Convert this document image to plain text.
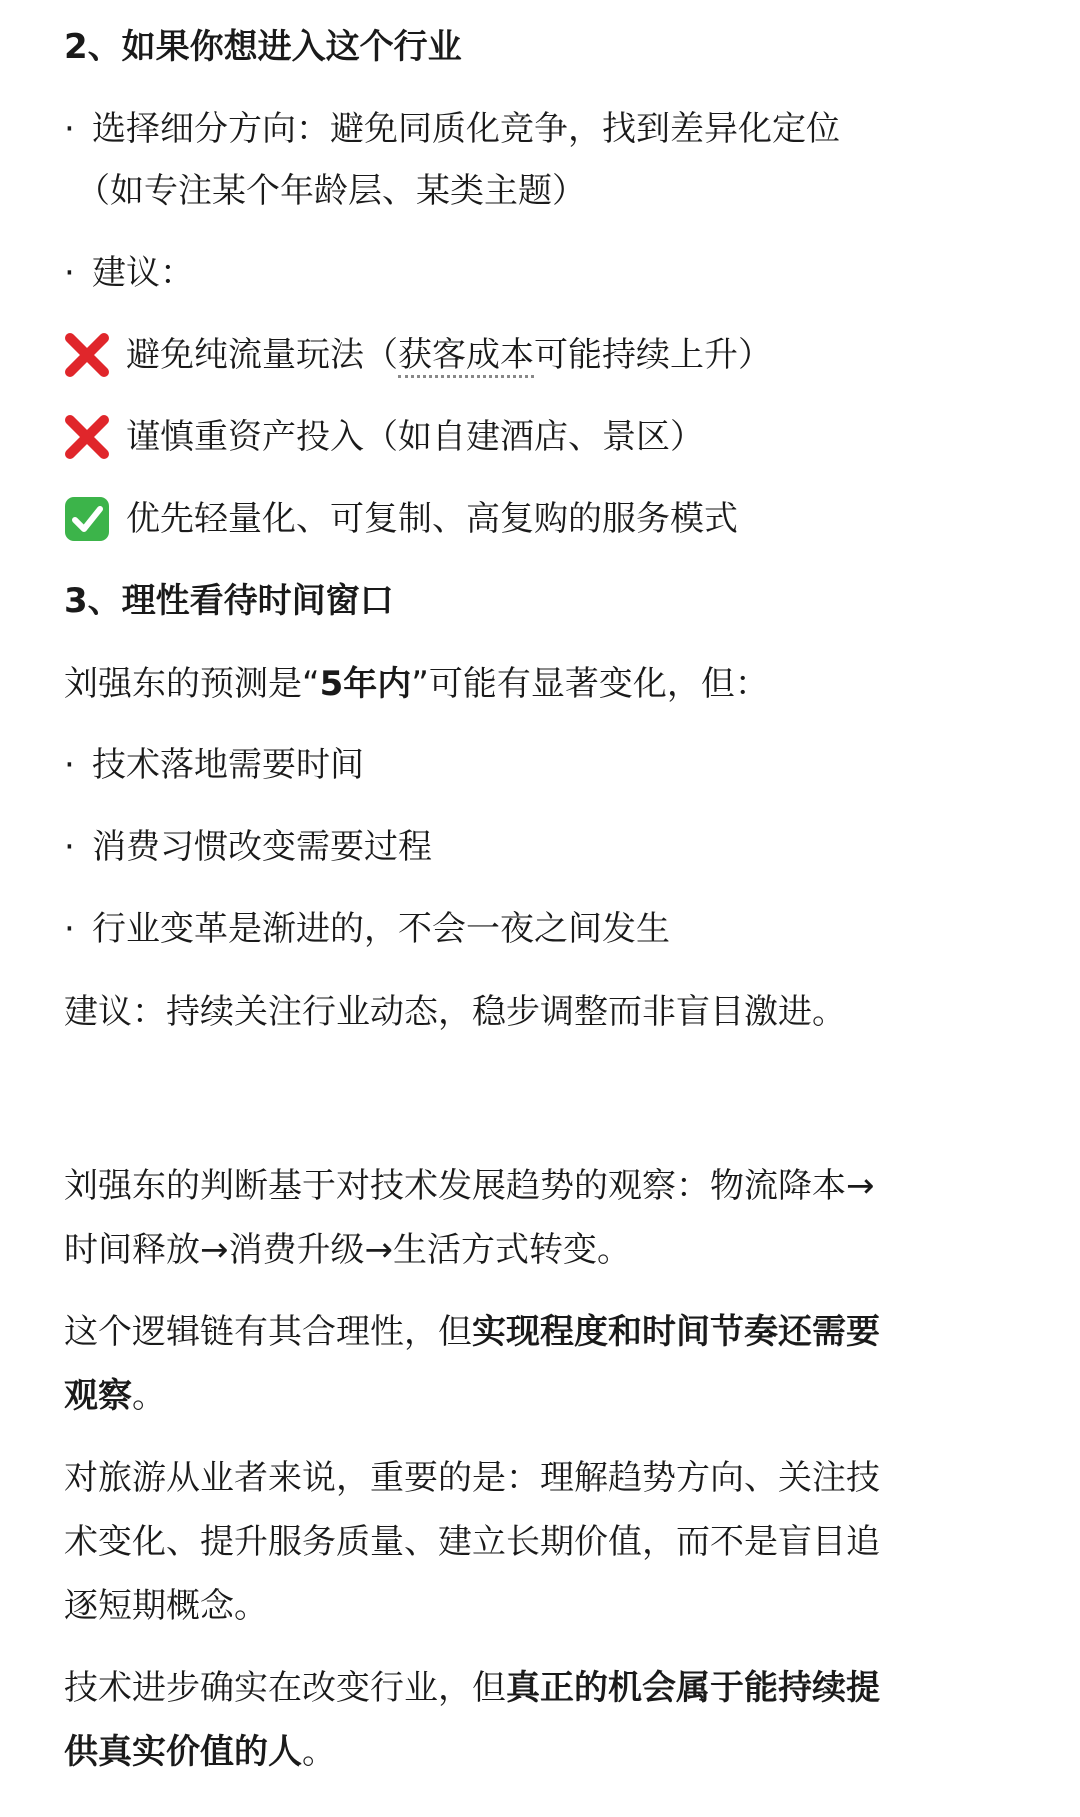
2、如果你想进入这个行业

· 选择细分方向：避免同质化竞争，找到差异化定位
（如专注某个年龄层、某类主题）
· 建议：
避免纯流量玩法（获客成本可能持续上升）
谨慎重资产投入（如自建酒店、景区）
优先轻量化、可复制、高复购的服务模式

3、理性看待时间窗口

刘强东的预测是“5年内”可能有显著变化，但：

· 技术落地需要时间
· 消费习惯改变需要过程
· 行业变革是渐进的，不会一夜之间发生

建议：持续关注行业动态，稳步调整而非盲目激进。

刘强东的判断基于对技术发展趋势的观察：物流降本→
时间释放→消费升级→生活方式转变。

这个逻辑链有其合理性，但实现程度和时间节奏还需要
观察。

对旅游从业者来说，重要的是：理解趋势方向、关注技
术变化、提升服务质量、建立长期价值，而不是盲目追
逐短期概念。

技术进步确实在改变行业，但真正的机会属于能持续提
供真实价值的人。
